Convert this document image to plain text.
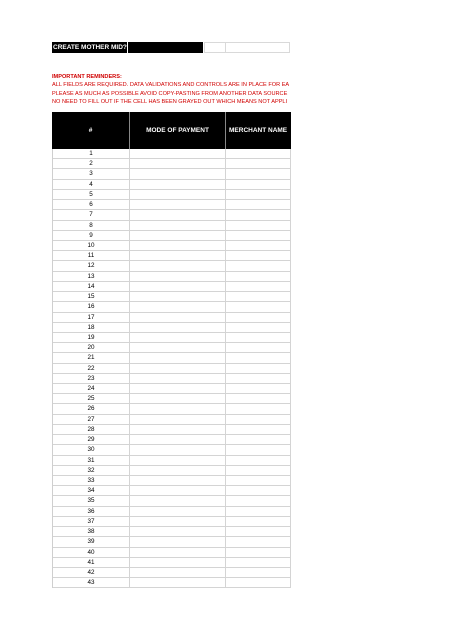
CREATE MOTHER MID?
IMPORTANT REMINDERS:
ALL FIELDS ARE REQUIRED. DATA VALIDATIONS AND CONTROLS ARE IN PLACE FOR EA
PLEASE AS MUCH AS POSSIBLE AVOID COPY-PASTING FROM ANOTHER DATA SOURCE
NO NEED TO FILL OUT IF THE CELL HAS BEEN GRAYED OUT WHICH MEANS NOT APPLI
#	MODE OF PAYMENT	MERCHANT NAME
1
2
3
4
5
6
7
8
9
10
11
12
13
14
15
16
17
18
19
20
21
22
23
24
25
26
27
28
29
30
31
32
33
34
35
36
37
38
39
40
41
42
43
